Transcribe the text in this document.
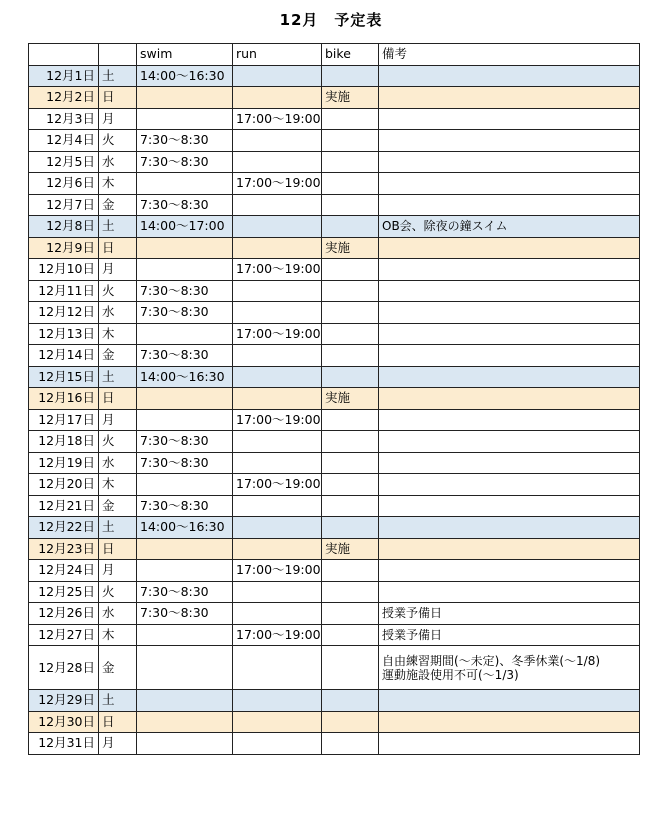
12月　予定表
		swim	run	bike	備考
12月1日	土	14:00～16:30			
12月2日	日			実施	
12月3日	月		17:00～19:00		
12月4日	火	7:30～8:30			
12月5日	水	7:30～8:30			
12月6日	木		17:00～19:00		
12月7日	金	7:30～8:30			
12月8日	土	14:00～17:00			OB会、除夜の鐘スイム
12月9日	日			実施	
12月10日	月		17:00～19:00		
12月11日	火	7:30～8:30			
12月12日	水	7:30～8:30			
12月13日	木		17:00～19:00		
12月14日	金	7:30～8:30			
12月15日	土	14:00～16:30			
12月16日	日			実施	
12月17日	月		17:00～19:00		
12月18日	火	7:30～8:30			
12月19日	水	7:30～8:30			
12月20日	木		17:00～19:00		
12月21日	金	7:30～8:30			
12月22日	土	14:00～16:30			
12月23日	日			実施	
12月24日	月		17:00～19:00		
12月25日	火	7:30～8:30			
12月26日	水	7:30～8:30			授業予備日
12月27日	木		17:00～19:00		授業予備日
12月28日	金				自由練習期間(～未定)、冬季休業(～1/8)
運動施設使用不可(～1/3)
12月29日	土				
12月30日	日				
12月31日	月				
